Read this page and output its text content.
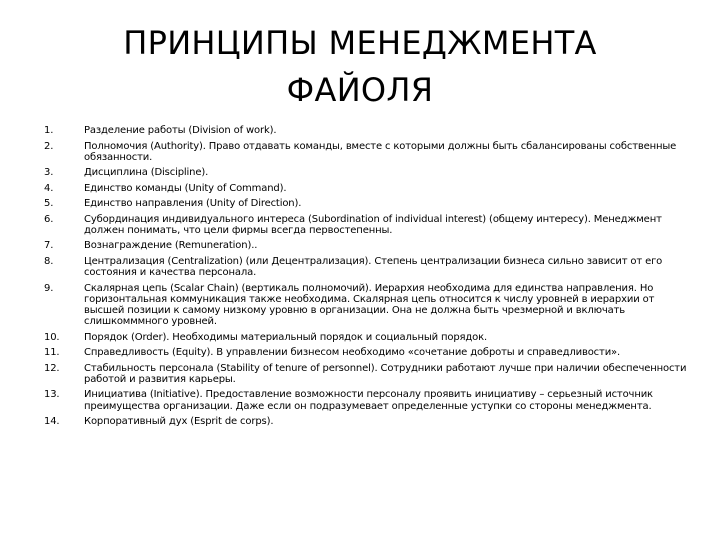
ПРИНЦИПЫ МЕНЕДЖМЕНТА
ФАЙОЛЯ
1.	Разделение работы (Division of work).
2.	Полномочия (Authority). Право отдавать команды, вместе с которыми должны быть сбалансированы собственные обязанности.
3.	Дисциплина (Discipline).
4.	Единство команды (Unity of Command).
5.	Единство направления (Unity of Direction).
6.	Субординация индивидуального интереса (Subordination of individual interest) (общему интересу). Менеджмент должен понимать, что цели фирмы всегда первостепенны.
7.	Вознаграждение (Remuneration)..
8.	Централизация (Centralization) (или Децентрализация). Степень централизации бизнеса сильно зависит от его состояния и качества персонала.
9.	Скалярная цепь (Scalar Chain) (вертикаль полномочий). Иерархия необходима для единства направления. Но горизонтальная коммуникация также необходима. Скалярная цепь относится к числу уровней в иерархии от высшей позиции к самому низкому уровню в организации. Она не должна быть чрезмерной и включать слишкомммного уровней.
10.	Порядок (Order). Необходимы материальный порядок и социальный порядок.
11.	Справедливость (Equity). В управлении бизнесом необходимо «сочетание доброты и справедливости».
12.	Стабильность персонала (Stability of tenure of personnel). Сотрудники работают лучше при наличии обеспеченности работой и развития карьеры.
13.	Инициатива (Initiative). Предоставление возможности персоналу проявить инициативу – серьезный источник преимущества организации. Даже если он подразумевает определенные уступки со стороны менеджмента.
14.	Корпоративный дух (Esprit de corps).
